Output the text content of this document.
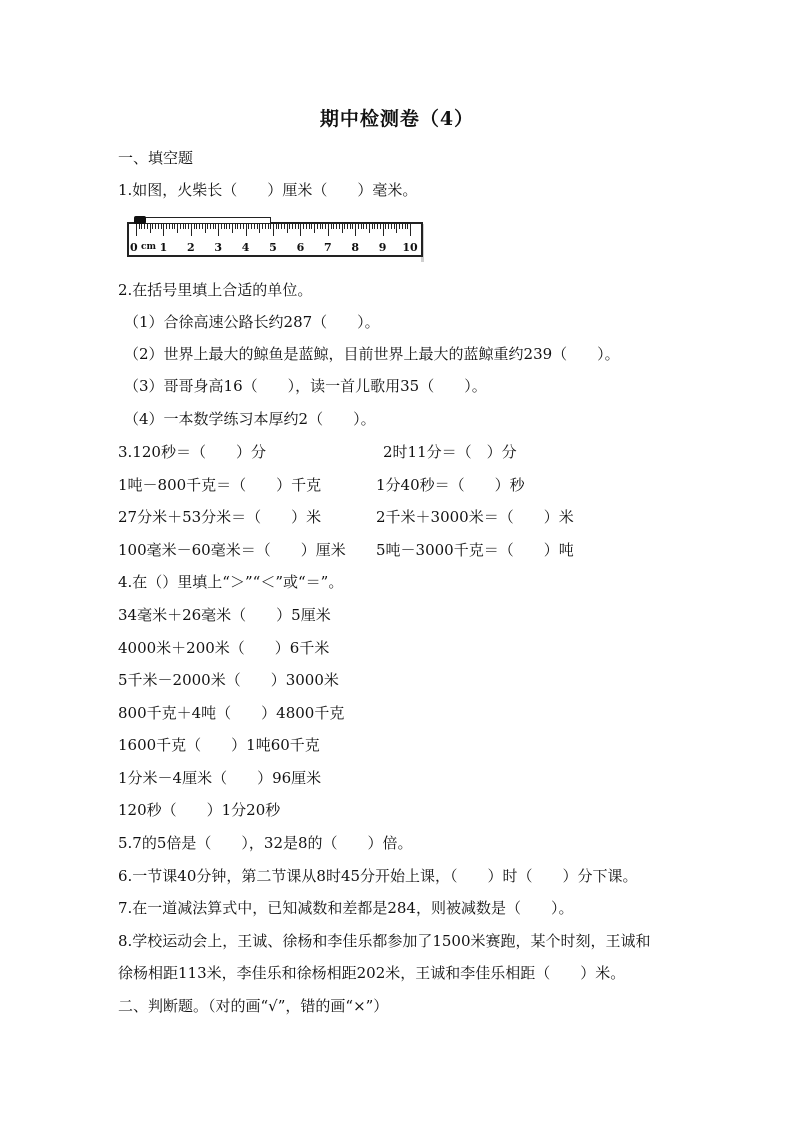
期中检测卷（4）
一、填空题
1.如图，火柴长（　　）厘米（　　）毫米。
0 cm 1 2 3 4 5 6 7 8 9 10
2.在括号里填上合适的单位。
（1）合徐高速公路长约287（　　）。
（2）世界上最大的鲸鱼是蓝鲸，目前世界上最大的蓝鲸重约239（　　）。
（3）哥哥身高16（　　），读一首儿歌用35（　　）。
（4）一本数学练习本厚约2（　　）。
3.120秒＝（　　）分	2时11分＝（　）分
1吨－800千克＝（　　）千克	1分40秒＝（　　）秒
27分米＋53分米＝（　　）米	2千米＋3000米＝（　　）米
100毫米－60毫米＝（　　）厘米 5吨－3000千克＝（　　）吨
4.在（）里填上“＞”“＜”或“＝”。
34毫米＋26毫米（　　）5厘米
4000米＋200米（　　）6千米
5千米－2000米（　　）3000米
800千克＋4吨（　　）4800千克
1600千克（　　）1吨60千克
1分米－4厘米（　　）96厘米
120秒（　　）1分20秒
5.7的5倍是（　　），32是8的（　　）倍。
6.一节课40分钟，第二节课从8时45分开始上课，（　　）时（　　）分下课。
7.在一道减法算式中，已知减数和差都是284，则被减数是（　　）。
8.学校运动会上，王诚、徐杨和李佳乐都参加了1500米赛跑，某个时刻，王诚和
徐杨相距113米，李佳乐和徐杨相距202米，王诚和李佳乐相距（　　）米。
二、判断题。（对的画“√”，错的画“×”）
